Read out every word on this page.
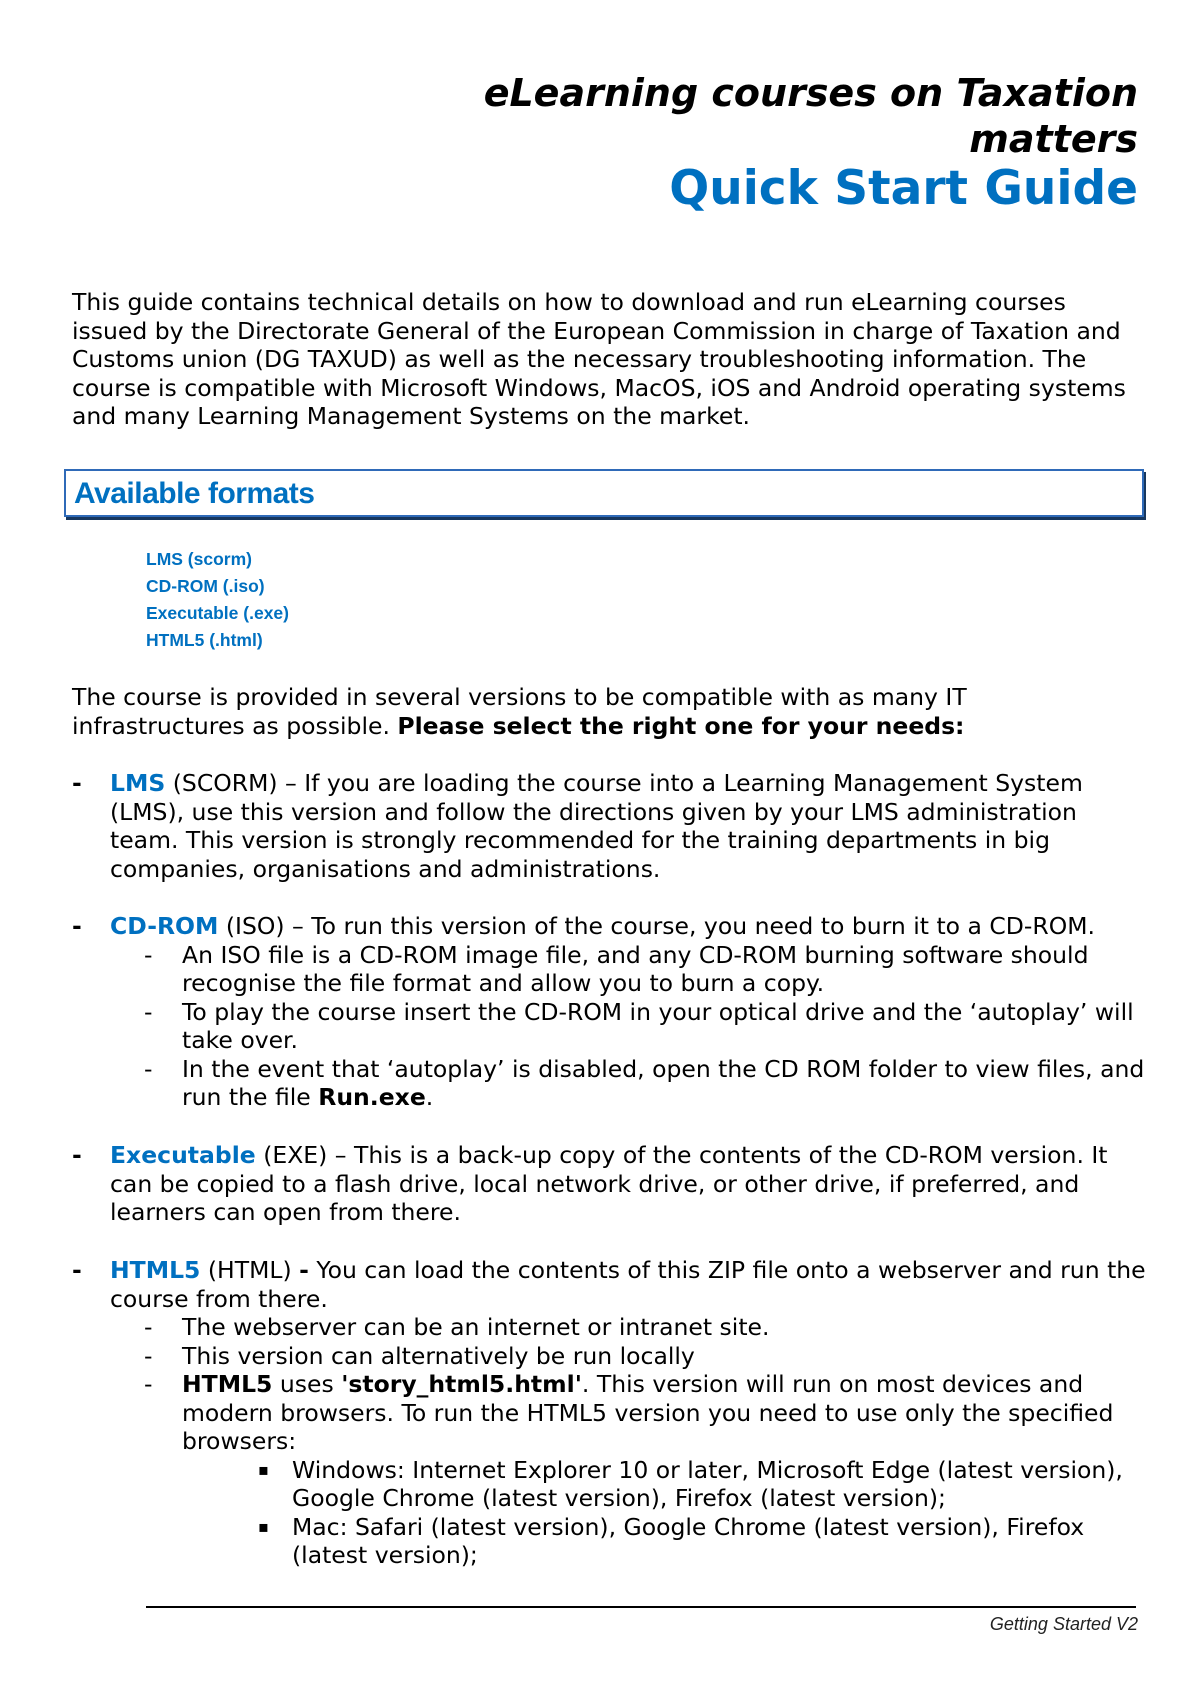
eLearning courses on Taxation
matters
Quick Start Guide

This guide contains technical details on how to download and run eLearning courses issued by the Directorate General of the European Commission in charge of Taxation and Customs union (DG TAXUD) as well as the necessary troubleshooting information. The course is compatible with Microsoft Windows, MacOS, iOS and Android operating systems and many Learning Management Systems on the market.

Available formats
LMS (scorm)
CD-ROM (.iso)
Executable (.exe)
HTML5 (.html)

The course is provided in several versions to be compatible with as many IT infrastructures as possible. Please select the right one for your needs:

- LMS (SCORM) – If you are loading the course into a Learning Management System (LMS), use this version and follow the directions given by your LMS administration team. This version is strongly recommended for the training departments in big companies, organisations and administrations.
- CD-ROM (ISO) – To run this version of the course, you need to burn it to a CD-ROM.
- An ISO file is a CD-ROM image file, and any CD-ROM burning software should recognise the file format and allow you to burn a copy.
- To play the course insert the CD-ROM in your optical drive and the ‘autoplay’ will take over.
- In the event that ‘autoplay’ is disabled, open the CD ROM folder to view files, and run the file Run.exe.
- Executable (EXE) – This is a back-up copy of the contents of the CD-ROM version. It can be copied to a flash drive, local network drive, or other drive, if preferred, and learners can open from there.
- HTML5 (HTML) - You can load the contents of this ZIP file onto a webserver and run the course from there.
- The webserver can be an internet or intranet site.
- This version can alternatively be run locally
- HTML5 uses 'story_html5.html'. This version will run on most devices and modern browsers. To run the HTML5 version you need to use only the specified browsers:
▪ Windows: Internet Explorer 10 or later, Microsoft Edge (latest version), Google Chrome (latest version), Firefox (latest version);
▪ Mac: Safari (latest version), Google Chrome (latest version), Firefox (latest version);
Getting Started V2
